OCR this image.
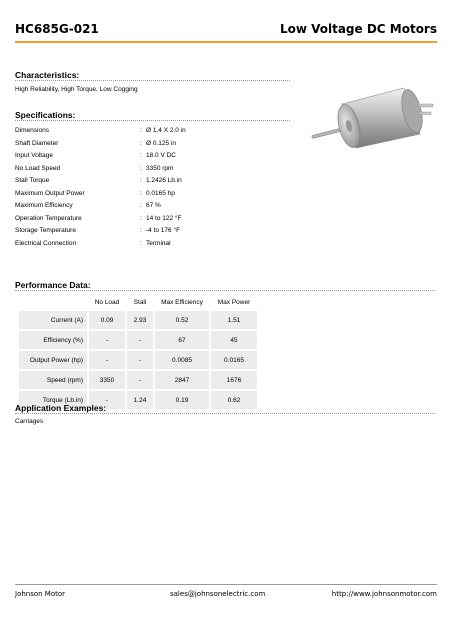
HC685G-021	Low Voltage DC Motors
Characteristics:
High Reliability, High Torque, Low Cogging
Specifications:
Dimensions	: Ø 1.4 X 2.0 in
Shaft Diameter	: Ø 0.125 in
Input Voltage	: 18.0 V DC
No Load Speed	: 3350 rpm
Stall Torque	: 1.2426 Lb.in
Maximum Output Power	: 0.0165 hp
Maximum Efficiency	: 67 %
Operation Temperature	: 14 to 122 °F
Storage Temperature	: -4 to 176 °F
Electrical Connection	: Terminal
Performance Data:
	No Load	Stall	Max Efficiency	Max Power
Current (A)	0.09	2.93	0.52	1.51
Efficiency (%)	-	-	67	45
Output Power (hp)	-	-	0.0085	0.0165
Speed (rpm)	3350	-	2847	1676
Torque (Lb.in)	-	1.24	0.19	0.62
Application Examples:
Carriages
Johnson Motor	sales@johnsonelectric.com	http://www.johnsonmotor.com
